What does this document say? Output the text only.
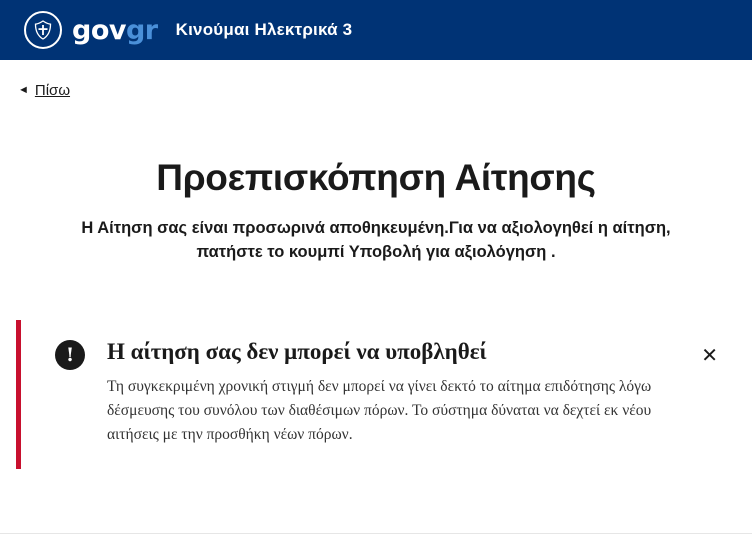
govgr Κινούμαι Ηλεκτρικά 3
◄ Πίσω
Προεπισκόπηση Αίτησης

Η Αίτηση σας είναι προσωρινά αποθηκευμένη.Για να αξιολογηθεί η αίτηση, πατήστε το κουμπί Υποβολή για αξιολόγηση .

!	Η αίτηση σας δεν μπορεί να υποβληθεί

Τη συγκεκριμένη χρονική στιγμή δεν μπορεί να γίνει δεκτό το αίτημα επιδότησης λόγω δέσμευσης του συνόλου των διαθέσιμων πόρων. Το σύστημα δύναται να δεχτεί εκ νέου αιτήσεις με την προσθήκη νέων πόρων.

✕
